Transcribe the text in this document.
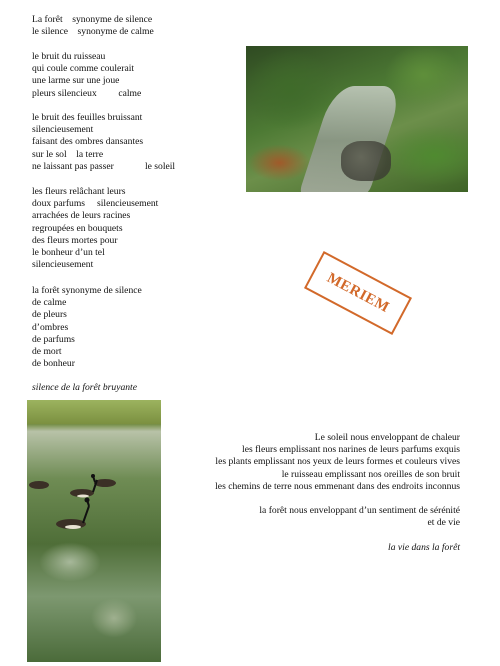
La forêt    synonyme de silence
le silence    synonyme de calme
le bruit du ruisseau
qui coule comme coulerait
une larme sur une joue
pleurs silencieux         calme
le bruit des feuilles bruissant
silencieusement
faisant des ombres dansantes
sur le sol    la terre
ne laissant pas passer             le soleil
les fleurs relâchant leurs
doux parfums     silencieusement
arrachées de leurs racines
regroupées en bouquets
des fleurs mortes pour
le bonheur d’un tel
silencieusement
la forêt synonyme de silence
de calme
de pleurs
d’ombres
de parfums
de mort
de bonheur
silence de la forêt bruyante
MERIEM
Le soleil nous enveloppant de chaleur
les fleurs emplissant nos narines de leurs parfums exquis
les plants emplissant nos yeux de leurs formes et couleurs vives
le ruisseau emplissant nos oreilles de son bruit
les chemins de terre nous emmenant dans des endroits inconnus
la forêt nous enveloppant d’un sentiment de sérénité
et de vie
la vie dans la forêt
